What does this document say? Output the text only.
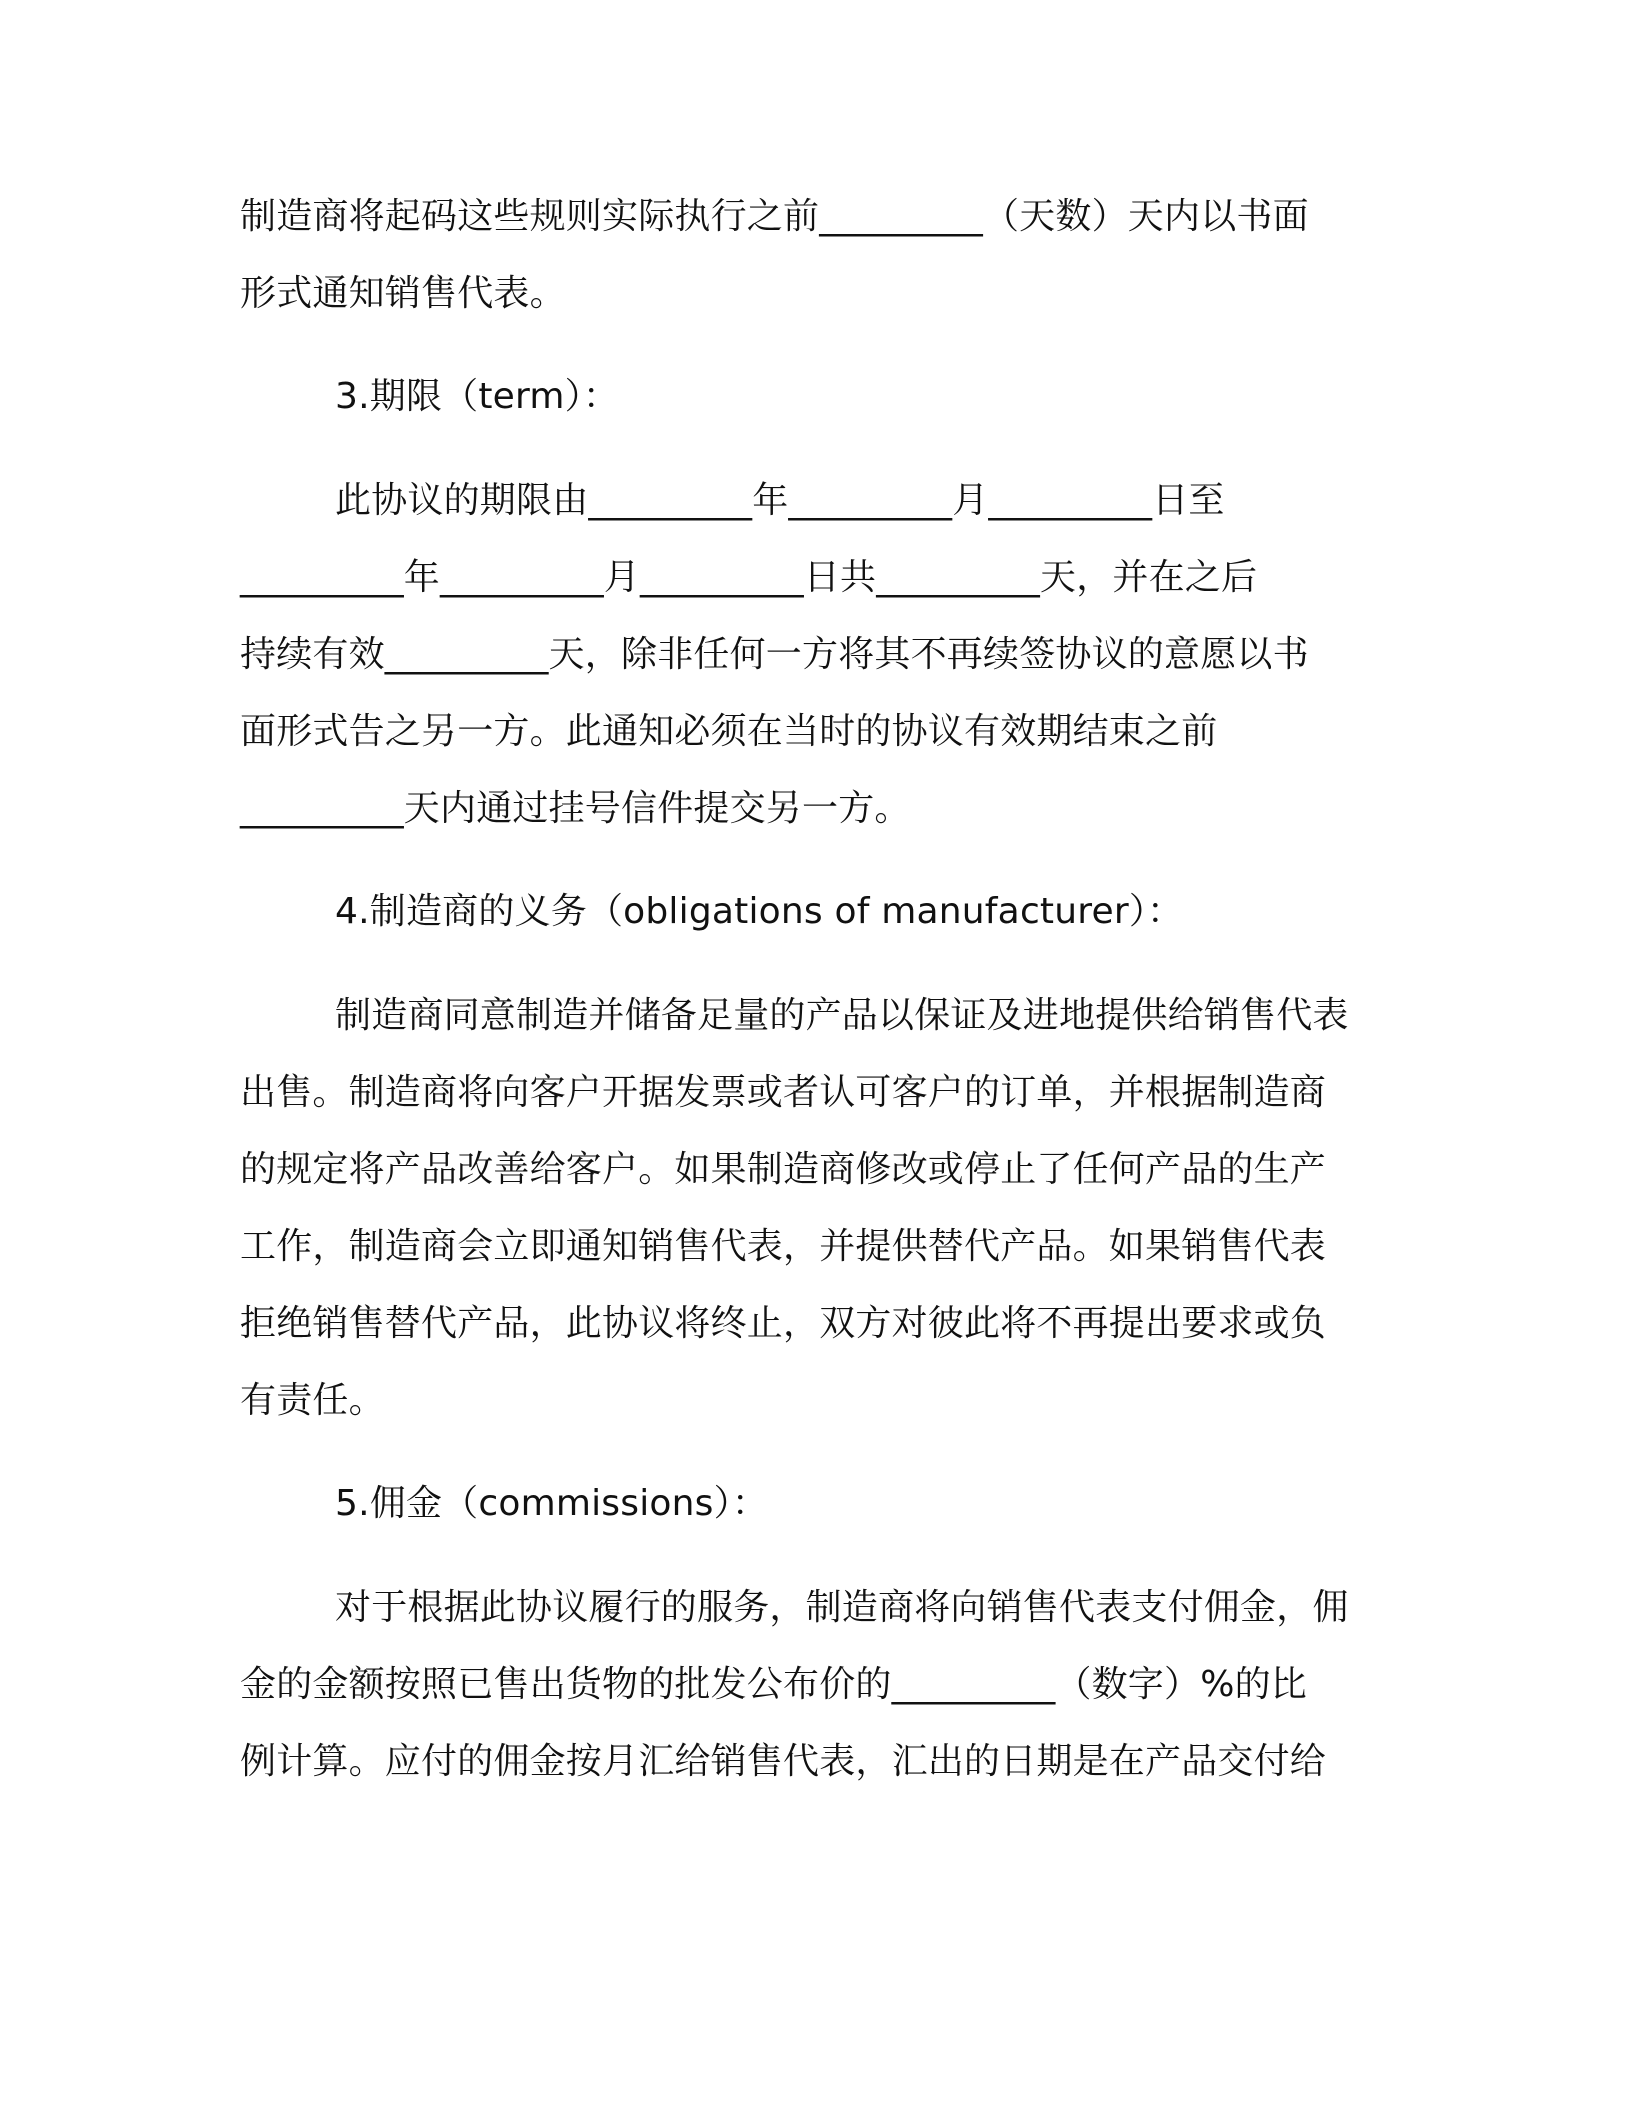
制造商将起码这些规则实际执行之前_________（天数）天内以书面
形式通知销售代表。
3.期限（term）：
此协议的期限由_________年_________月_________日至
_________年_________月_________日共_________天，并在之后
持续有效_________天，除非任何一方将其不再续签协议的意愿以书
面形式告之另一方。此通知必须在当时的协议有效期结束之前
_________天内通过挂号信件提交另一方。
4.制造商的义务（obligations of manufacturer）：
制造商同意制造并储备足量的产品以保证及进地提供给销售代表
出售。制造商将向客户开据发票或者认可客户的订单，并根据制造商
的规定将产品改善给客户。如果制造商修改或停止了任何产品的生产
工作，制造商会立即通知销售代表，并提供替代产品。如果销售代表
拒绝销售替代产品，此协议将终止，双方对彼此将不再提出要求或负
有责任。
5.佣金（commissions）：
对于根据此协议履行的服务，制造商将向销售代表支付佣金，佣
金的金额按照已售出货物的批发公布价的_________（数字）%的比
例计算。应付的佣金按月汇给销售代表，汇出的日期是在产品交付给
